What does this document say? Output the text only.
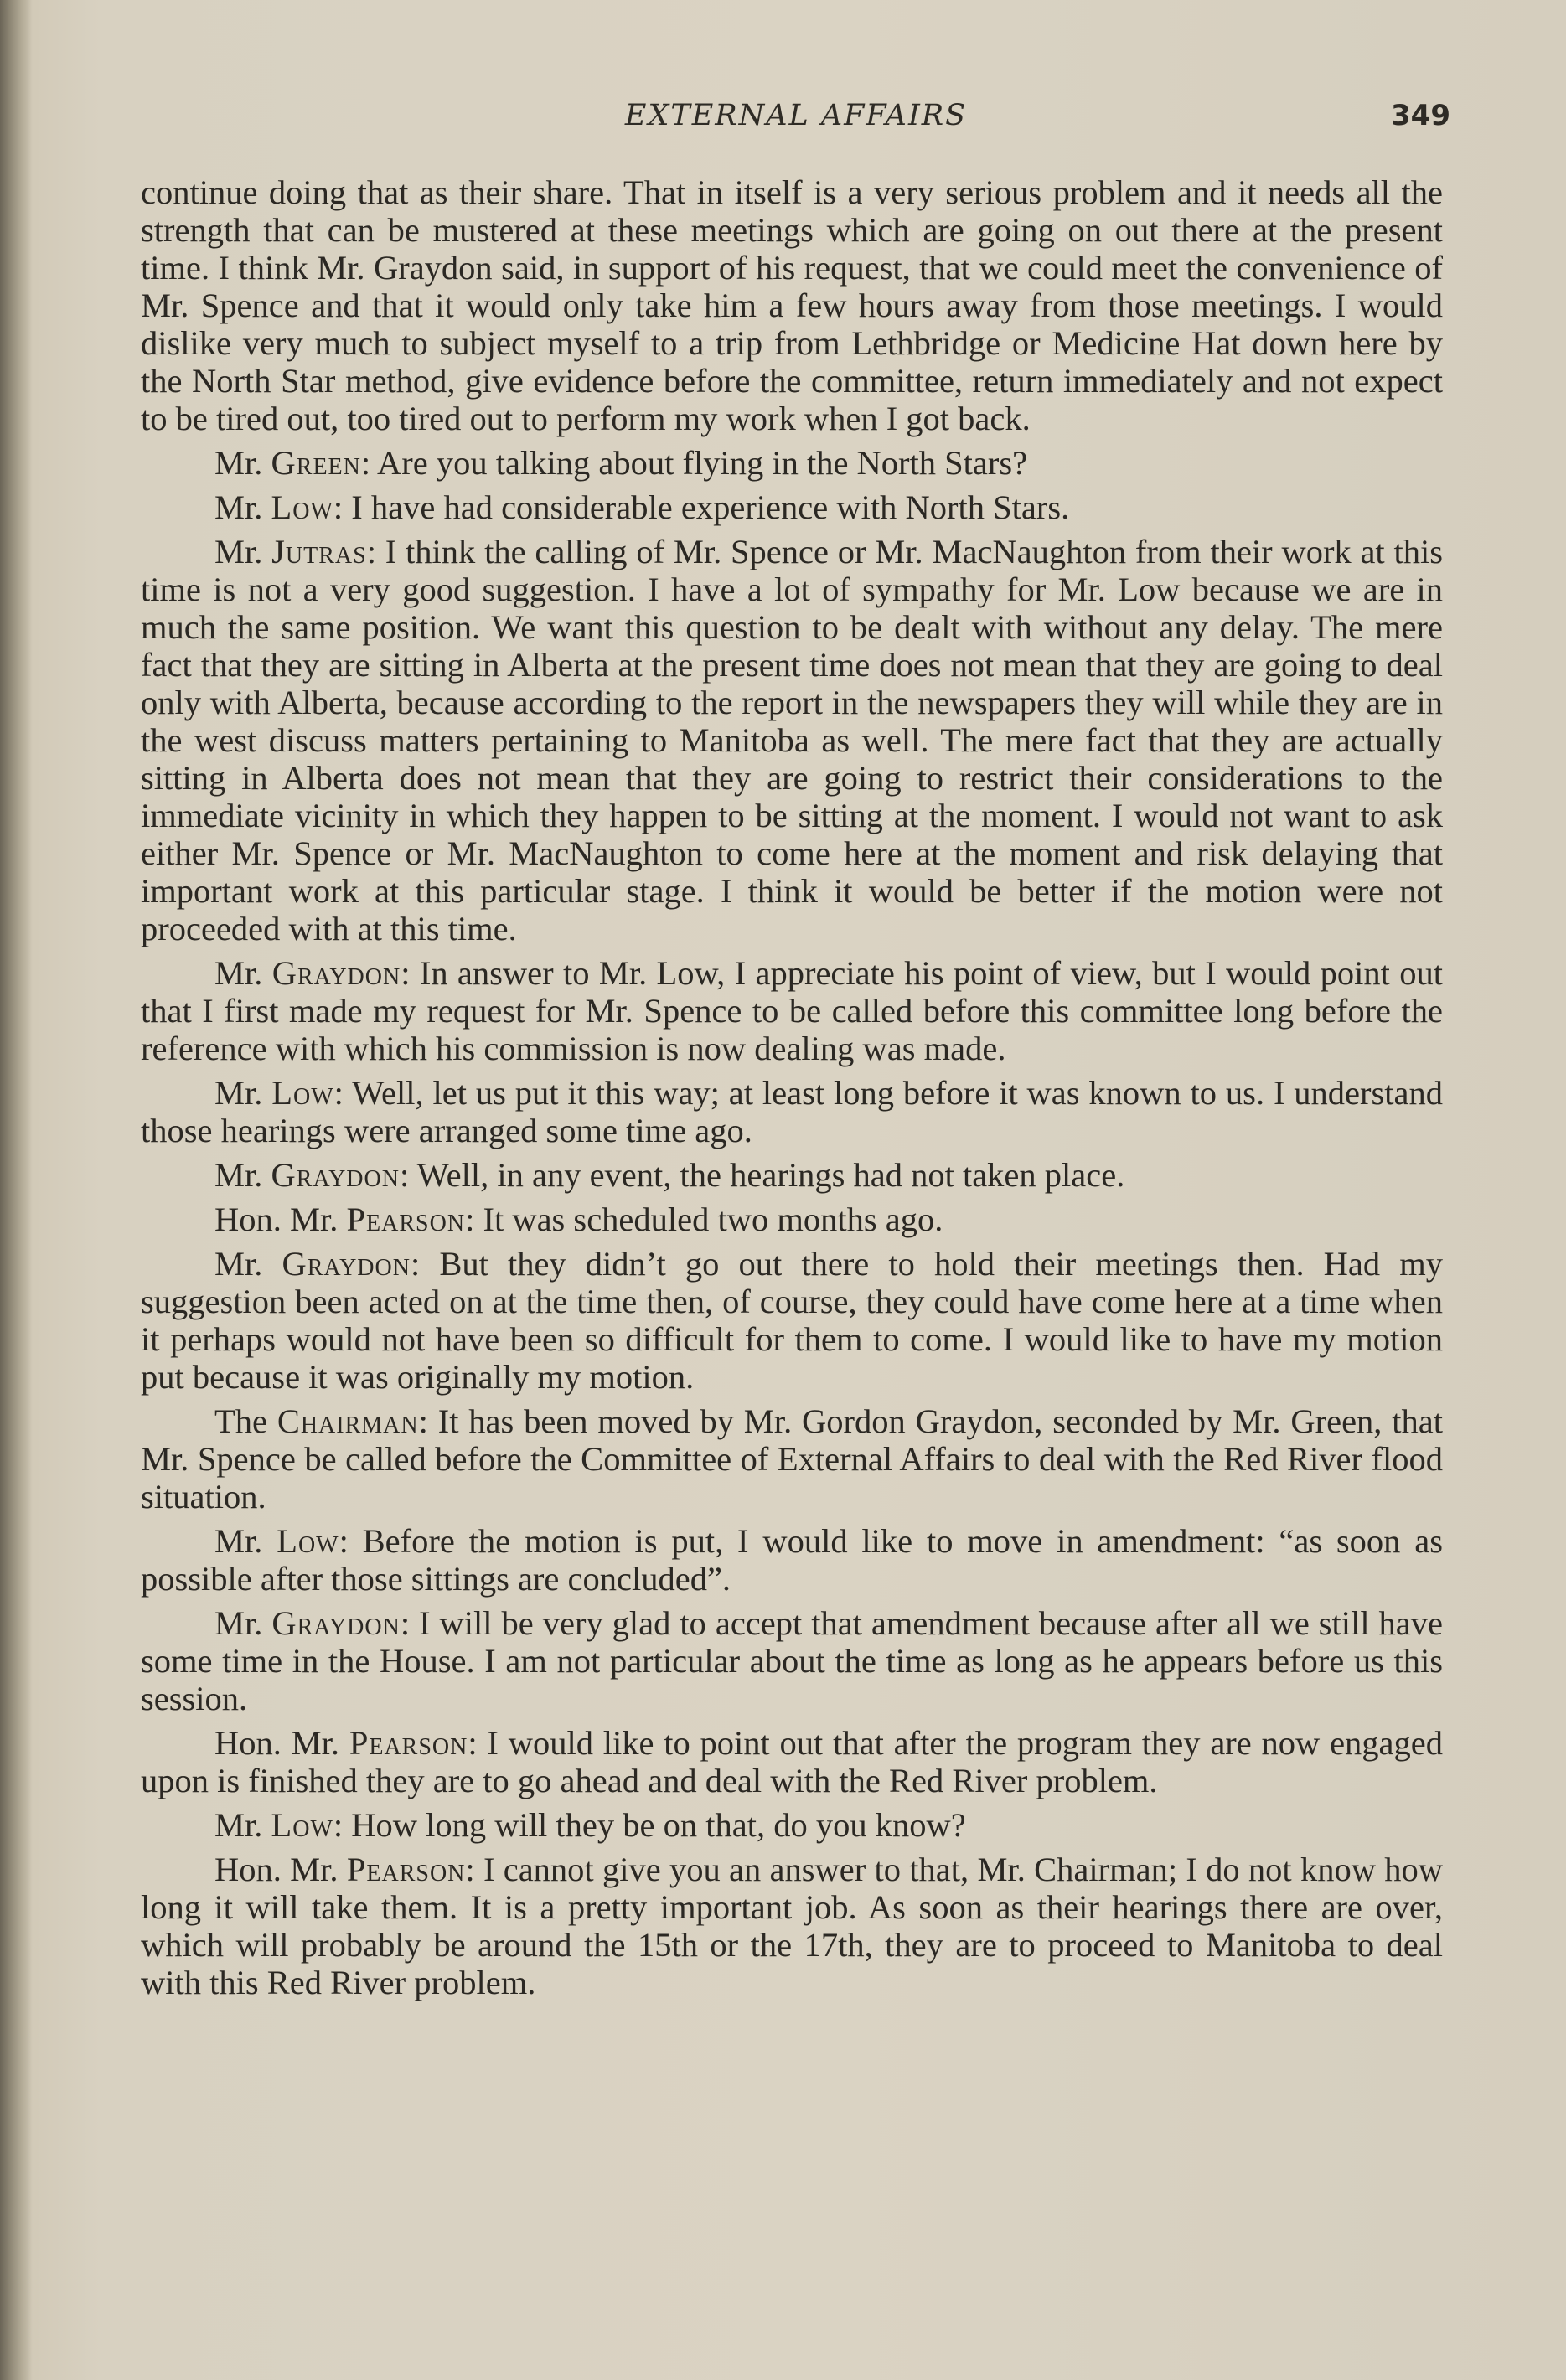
EXTERNAL AFFAIRS	349

continue doing that as their share. That in itself is a very serious problem and it needs all the strength that can be mustered at these meetings which are going on out there at the present time. I think Mr. Graydon said, in support of his request, that we could meet the convenience of Mr. Spence and that it would only take him a few hours away from those meetings. I would dislike very much to subject myself to a trip from Lethbridge or Medicine Hat down here by the North Star method, give evidence before the committee, return immediately and not expect to be tired out, too tired out to perform my work when I got back.

Mr. Green: Are you talking about flying in the North Stars?

Mr. Low: I have had considerable experience with North Stars.

Mr. Jutras: I think the calling of Mr. Spence or Mr. MacNaughton from their work at this time is not a very good suggestion. I have a lot of sympathy for Mr. Low because we are in much the same position. We want this question to be dealt with without any delay. The mere fact that they are sitting in Alberta at the present time does not mean that they are going to deal only with Alberta, because according to the report in the newspapers they will while they are in the west discuss matters pertaining to Manitoba as well. The mere fact that they are actually sitting in Alberta does not mean that they are going to restrict their considerations to the immediate vicinity in which they happen to be sitting at the moment. I would not want to ask either Mr. Spence or Mr. MacNaughton to come here at the moment and risk delaying that important work at this particular stage. I think it would be better if the motion were not proceeded with at this time.

Mr. Graydon: In answer to Mr. Low, I appreciate his point of view, but I would point out that I first made my request for Mr. Spence to be called before this committee long before the reference with which his commission is now dealing was made.

Mr. Low: Well, let us put it this way; at least long before it was known to us. I understand those hearings were arranged some time ago.

Mr. Graydon: Well, in any event, the hearings had not taken place.

Hon. Mr. Pearson: It was scheduled two months ago.

Mr. Graydon: But they didn’t go out there to hold their meetings then. Had my suggestion been acted on at the time then, of course, they could have come here at a time when it perhaps would not have been so difficult for them to come. I would like to have my motion put because it was originally my motion.

The Chairman: It has been moved by Mr. Gordon Graydon, seconded by Mr. Green, that Mr. Spence be called before the Committee of External Affairs to deal with the Red River flood situation.

Mr. Low: Before the motion is put, I would like to move in amendment: “as soon as possible after those sittings are concluded”.

Mr. Graydon: I will be very glad to accept that amendment because after all we still have some time in the House. I am not particular about the time as long as he appears before us this session.

Hon. Mr. Pearson: I would like to point out that after the program they are now engaged upon is finished they are to go ahead and deal with the Red River problem.

Mr. Low: How long will they be on that, do you know?

Hon. Mr. Pearson: I cannot give you an answer to that, Mr. Chairman; I do not know how long it will take them. It is a pretty important job. As soon as their hearings there are over, which will probably be around the 15th or the 17th, they are to proceed to Manitoba to deal with this Red River problem.
